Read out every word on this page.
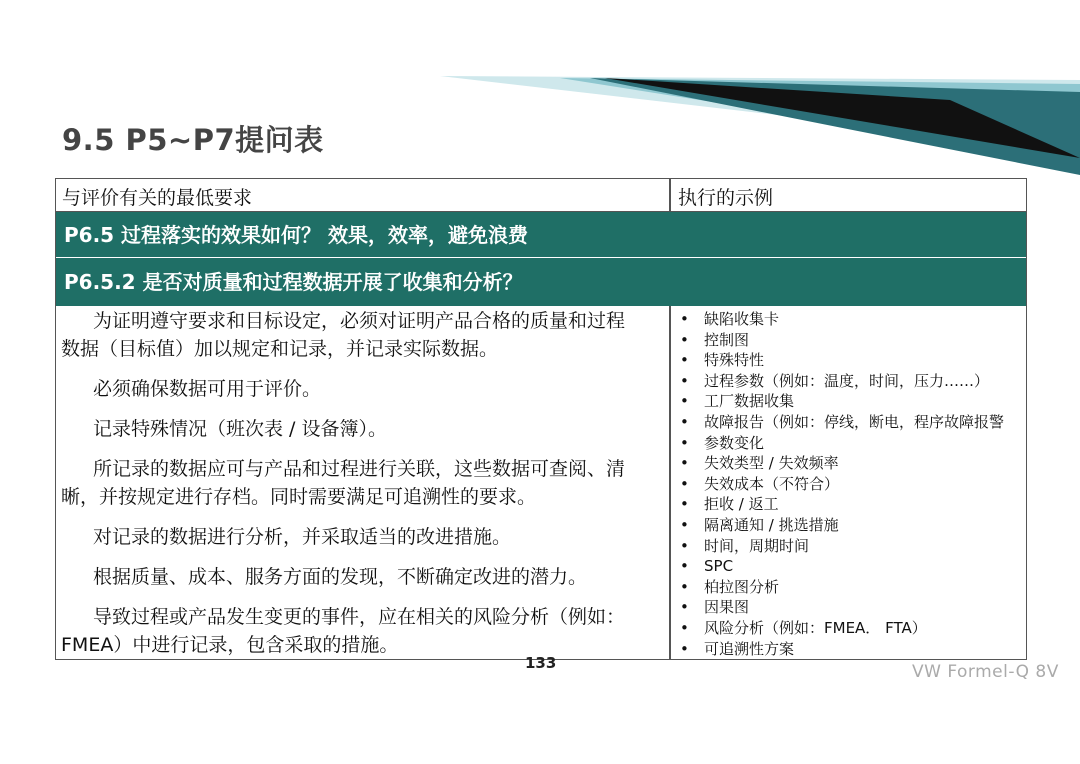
9.5 P5~P7提问表
与评价有关的最低要求	执行的示例
P6.5 过程落实的效果如何？ 效果，效率，避免浪费
P6.5.2 是否对质量和过程数据开展了收集和分析？

为证明遵守要求和目标设定，必须对证明产品合格的质量和过程
数据（目标值）加以规定和记录，并记录实际数据。

必须确保数据可用于评价。

记录特殊情况（班次表 / 设备簿）。

所记录的数据应可与产品和过程进行关联，这些数据可查阅、清
晰，并按规定进行存档。同时需要满足可追溯性的要求。

对记录的数据进行分析，并采取适当的改进措施。

根据质量、成本、服务方面的发现，不断确定改进的潜力。

导致过程或产品发生变更的事件，应在相关的风险分析（例如：
FMEA）中进行记录，包含采取的措施。

• 缺陷收集卡
• 控制图
• 特殊特性
• 过程参数（例如：温度，时间，压力……）
• 工厂数据收集
• 故障报告（例如：停线，断电，程序故障报警
• 参数变化
• 失效类型 / 失效频率
• 失效成本（不符合）
• 拒收 / 返工
• 隔离通知 / 挑选措施
• 时间，周期时间
• SPC
• 柏拉图分析
• 因果图
• 风险分析（例如：FMEA． FTA）
• 可追溯性方案
133	VW Formel-Q 8V
